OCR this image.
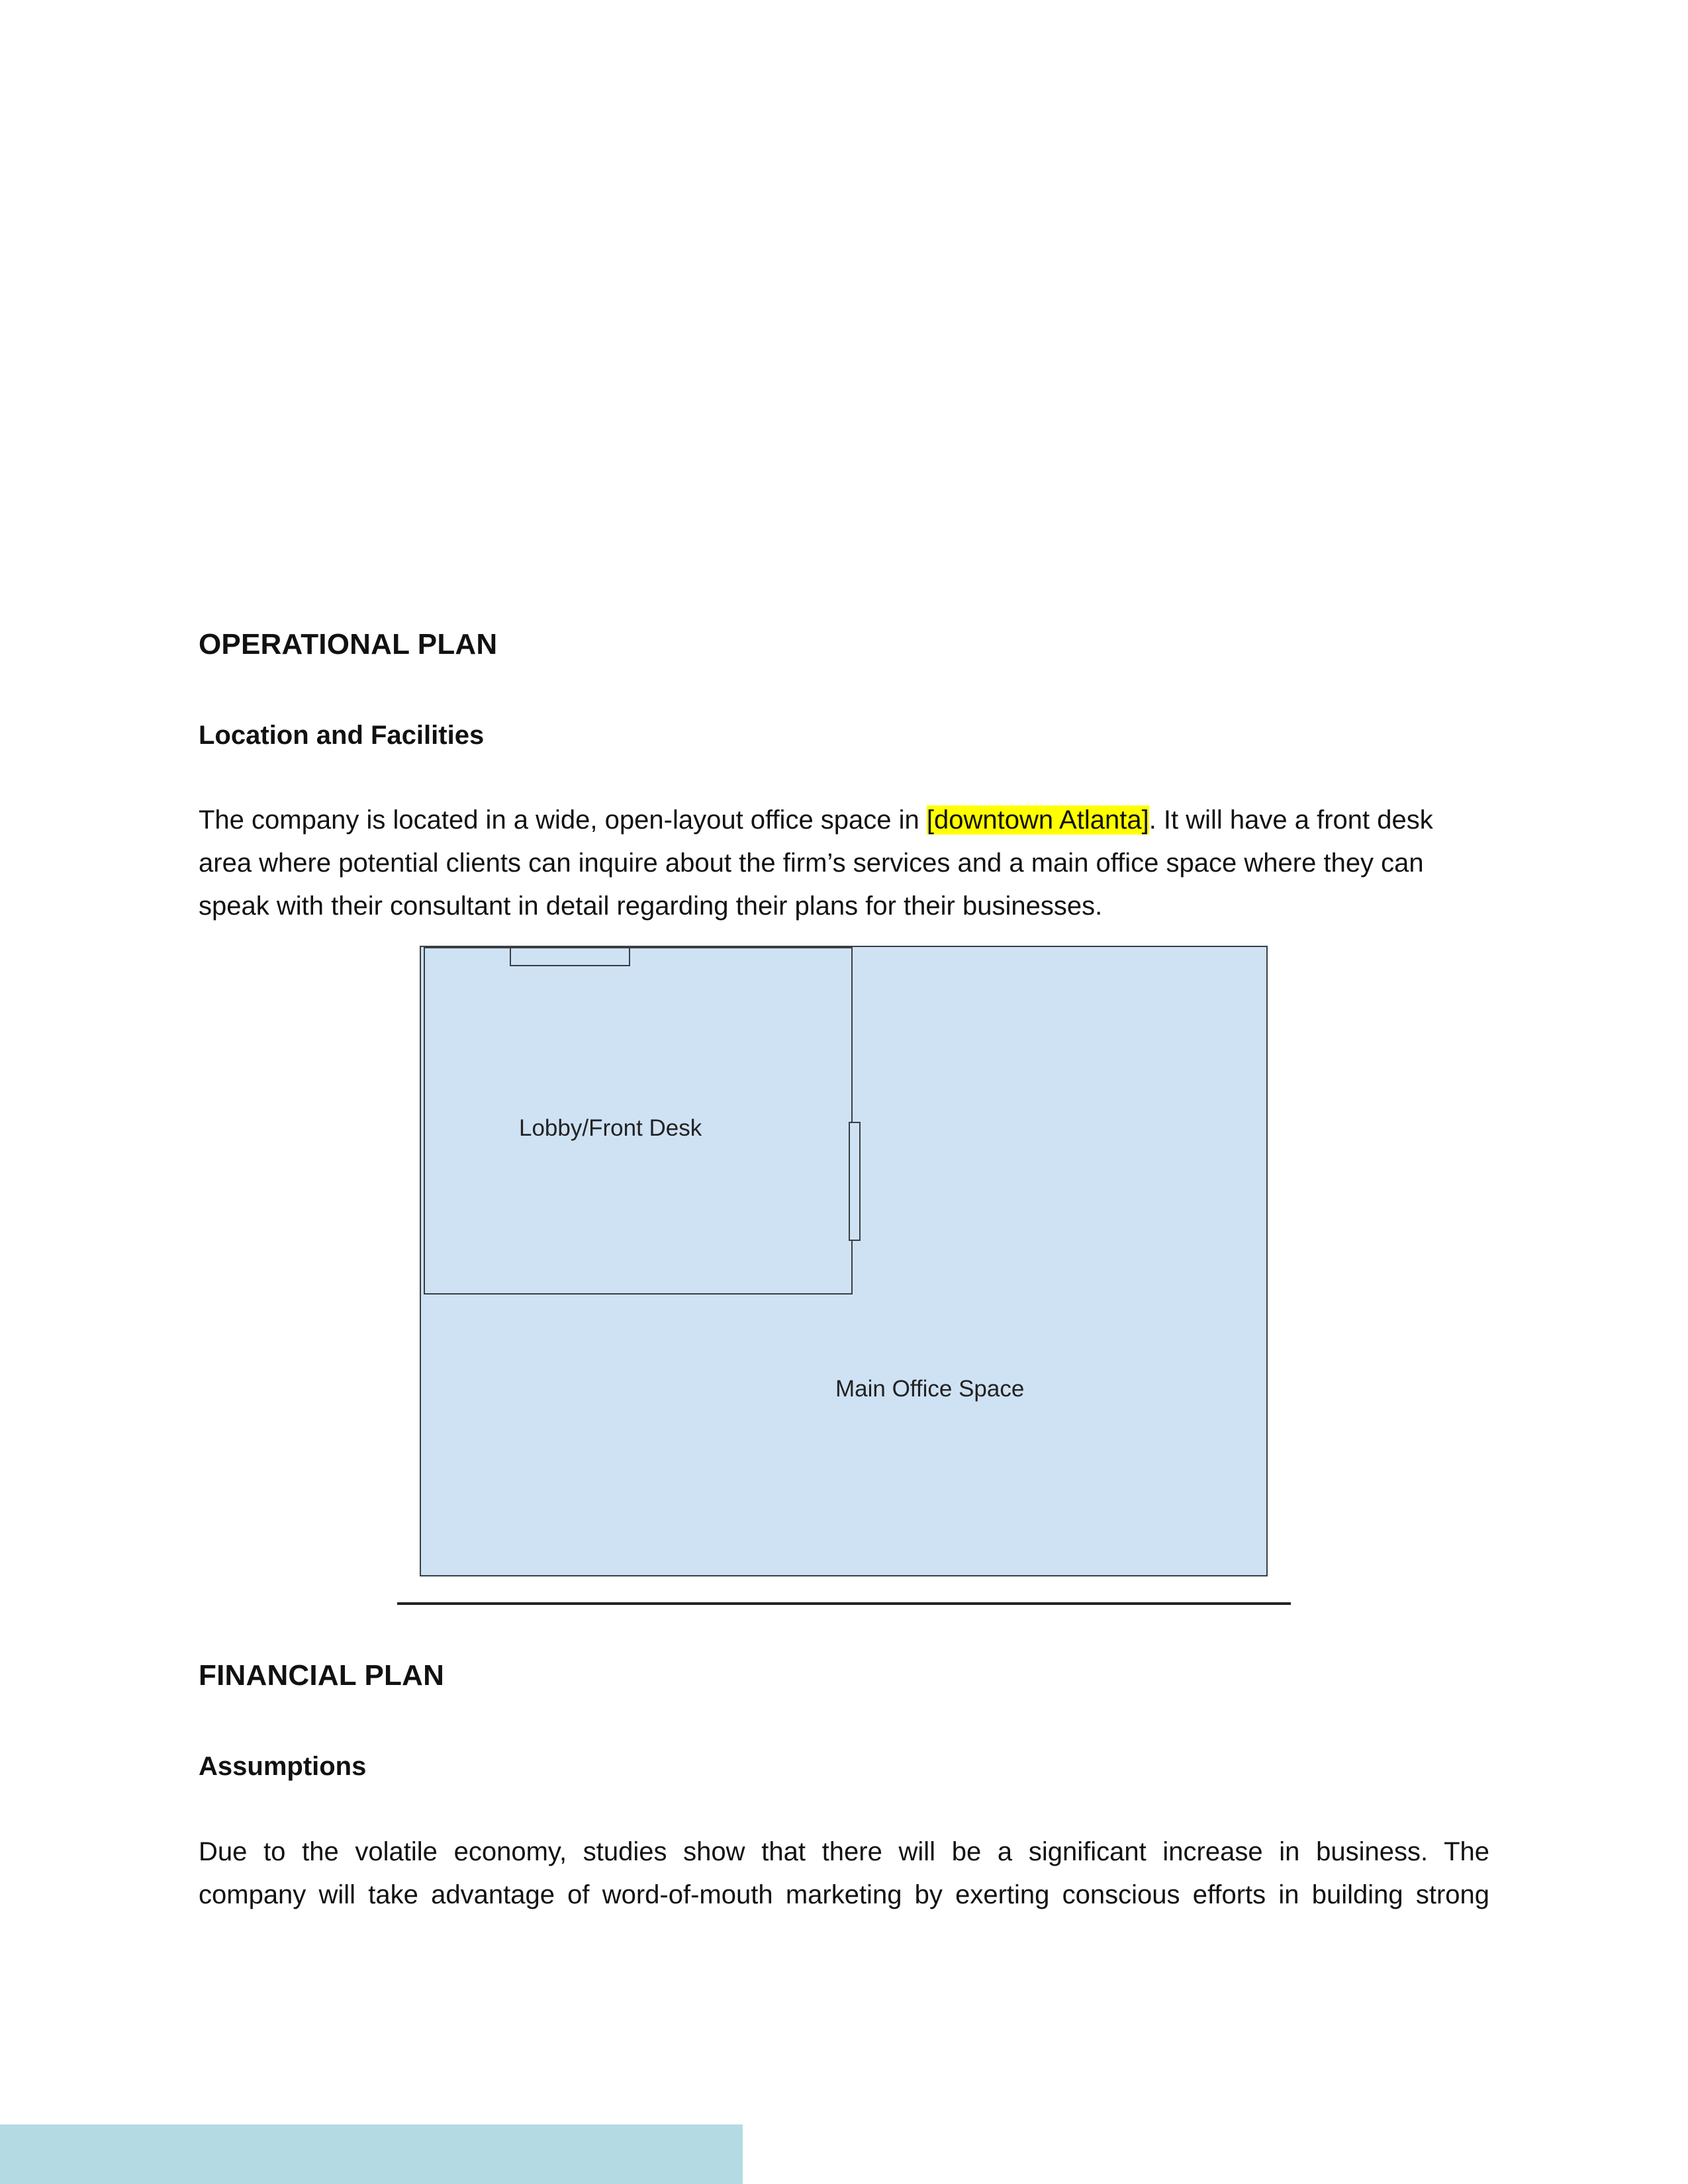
OPERATIONAL PLAN
Location and Facilities

The company is located in a wide, open-layout office space in [downtown Atlanta]. It will have a front desk
area where potential clients can inquire about the firm’s services and a main office space where they can
speak with their consultant in detail regarding their plans for their businesses.

Lobby/Front Desk
Main Office Space
FINANCIAL PLAN
Assumptions

Due to the volatile economy, studies show that there will be a significant increase in business. The
company will take advantage of word-of-mouth marketing by exerting conscious efforts in building strong
